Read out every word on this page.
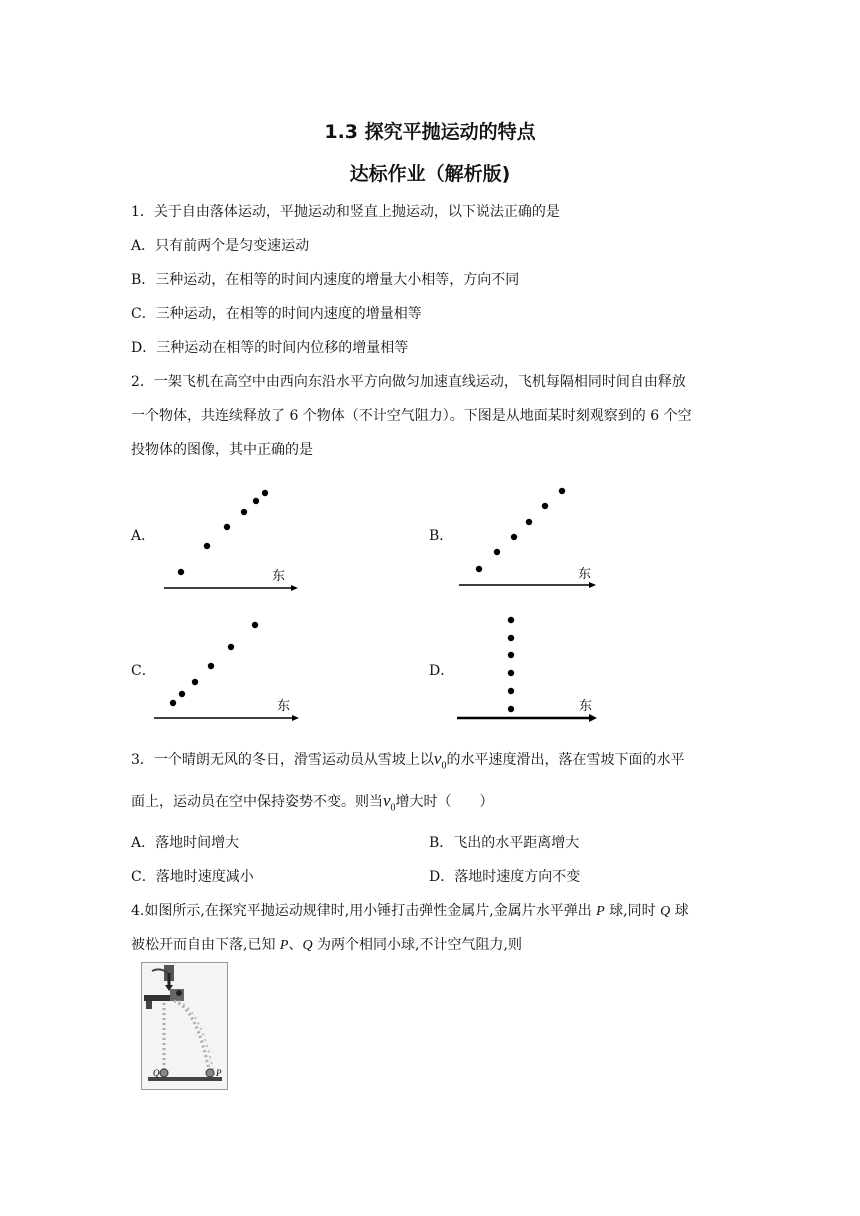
1.3 探究平抛运动的特点
达标作业（解析版)
1．关于自由落体运动，平抛运动和竖直上抛运动，以下说法正确的是
A．只有前两个是匀变速运动
B．三种运动，在相等的时间内速度的增量大小相等，方向不同
C．三种运动，在相等的时间内速度的增量相等
D．三种运动在相等的时间内位移的增量相等
2．一架飞机在高空中由西向东沿水平方向做匀加速直线运动，飞机每隔相同时间自由释放
一个物体，共连续释放了 6 个物体（不计空气阻力）。下图是从地面某时刻观察到的 6 个空
投物体的图像，其中正确的是
A．	B．
C．	D．
东	东
东	东
3．一个晴朗无风的冬日，滑雪运动员从雪坡上以$v_0$的水平速度滑出，落在雪坡下面的水平
面上，运动员在空中保持姿势不变。则当$v_0$增大时（　　）
A．落地时间增大	B．飞出的水平距离增大
C．落地时速度减小	D．落地时速度方向不变
4.如图所示,在探究平抛运动规律时,用小锤打击弹性金属片,金属片水平弹出 P 球,同时 Q 球
被松开而自由下落,已知 P、Q 为两个相同小球,不计空气阻力,则
Q	P
